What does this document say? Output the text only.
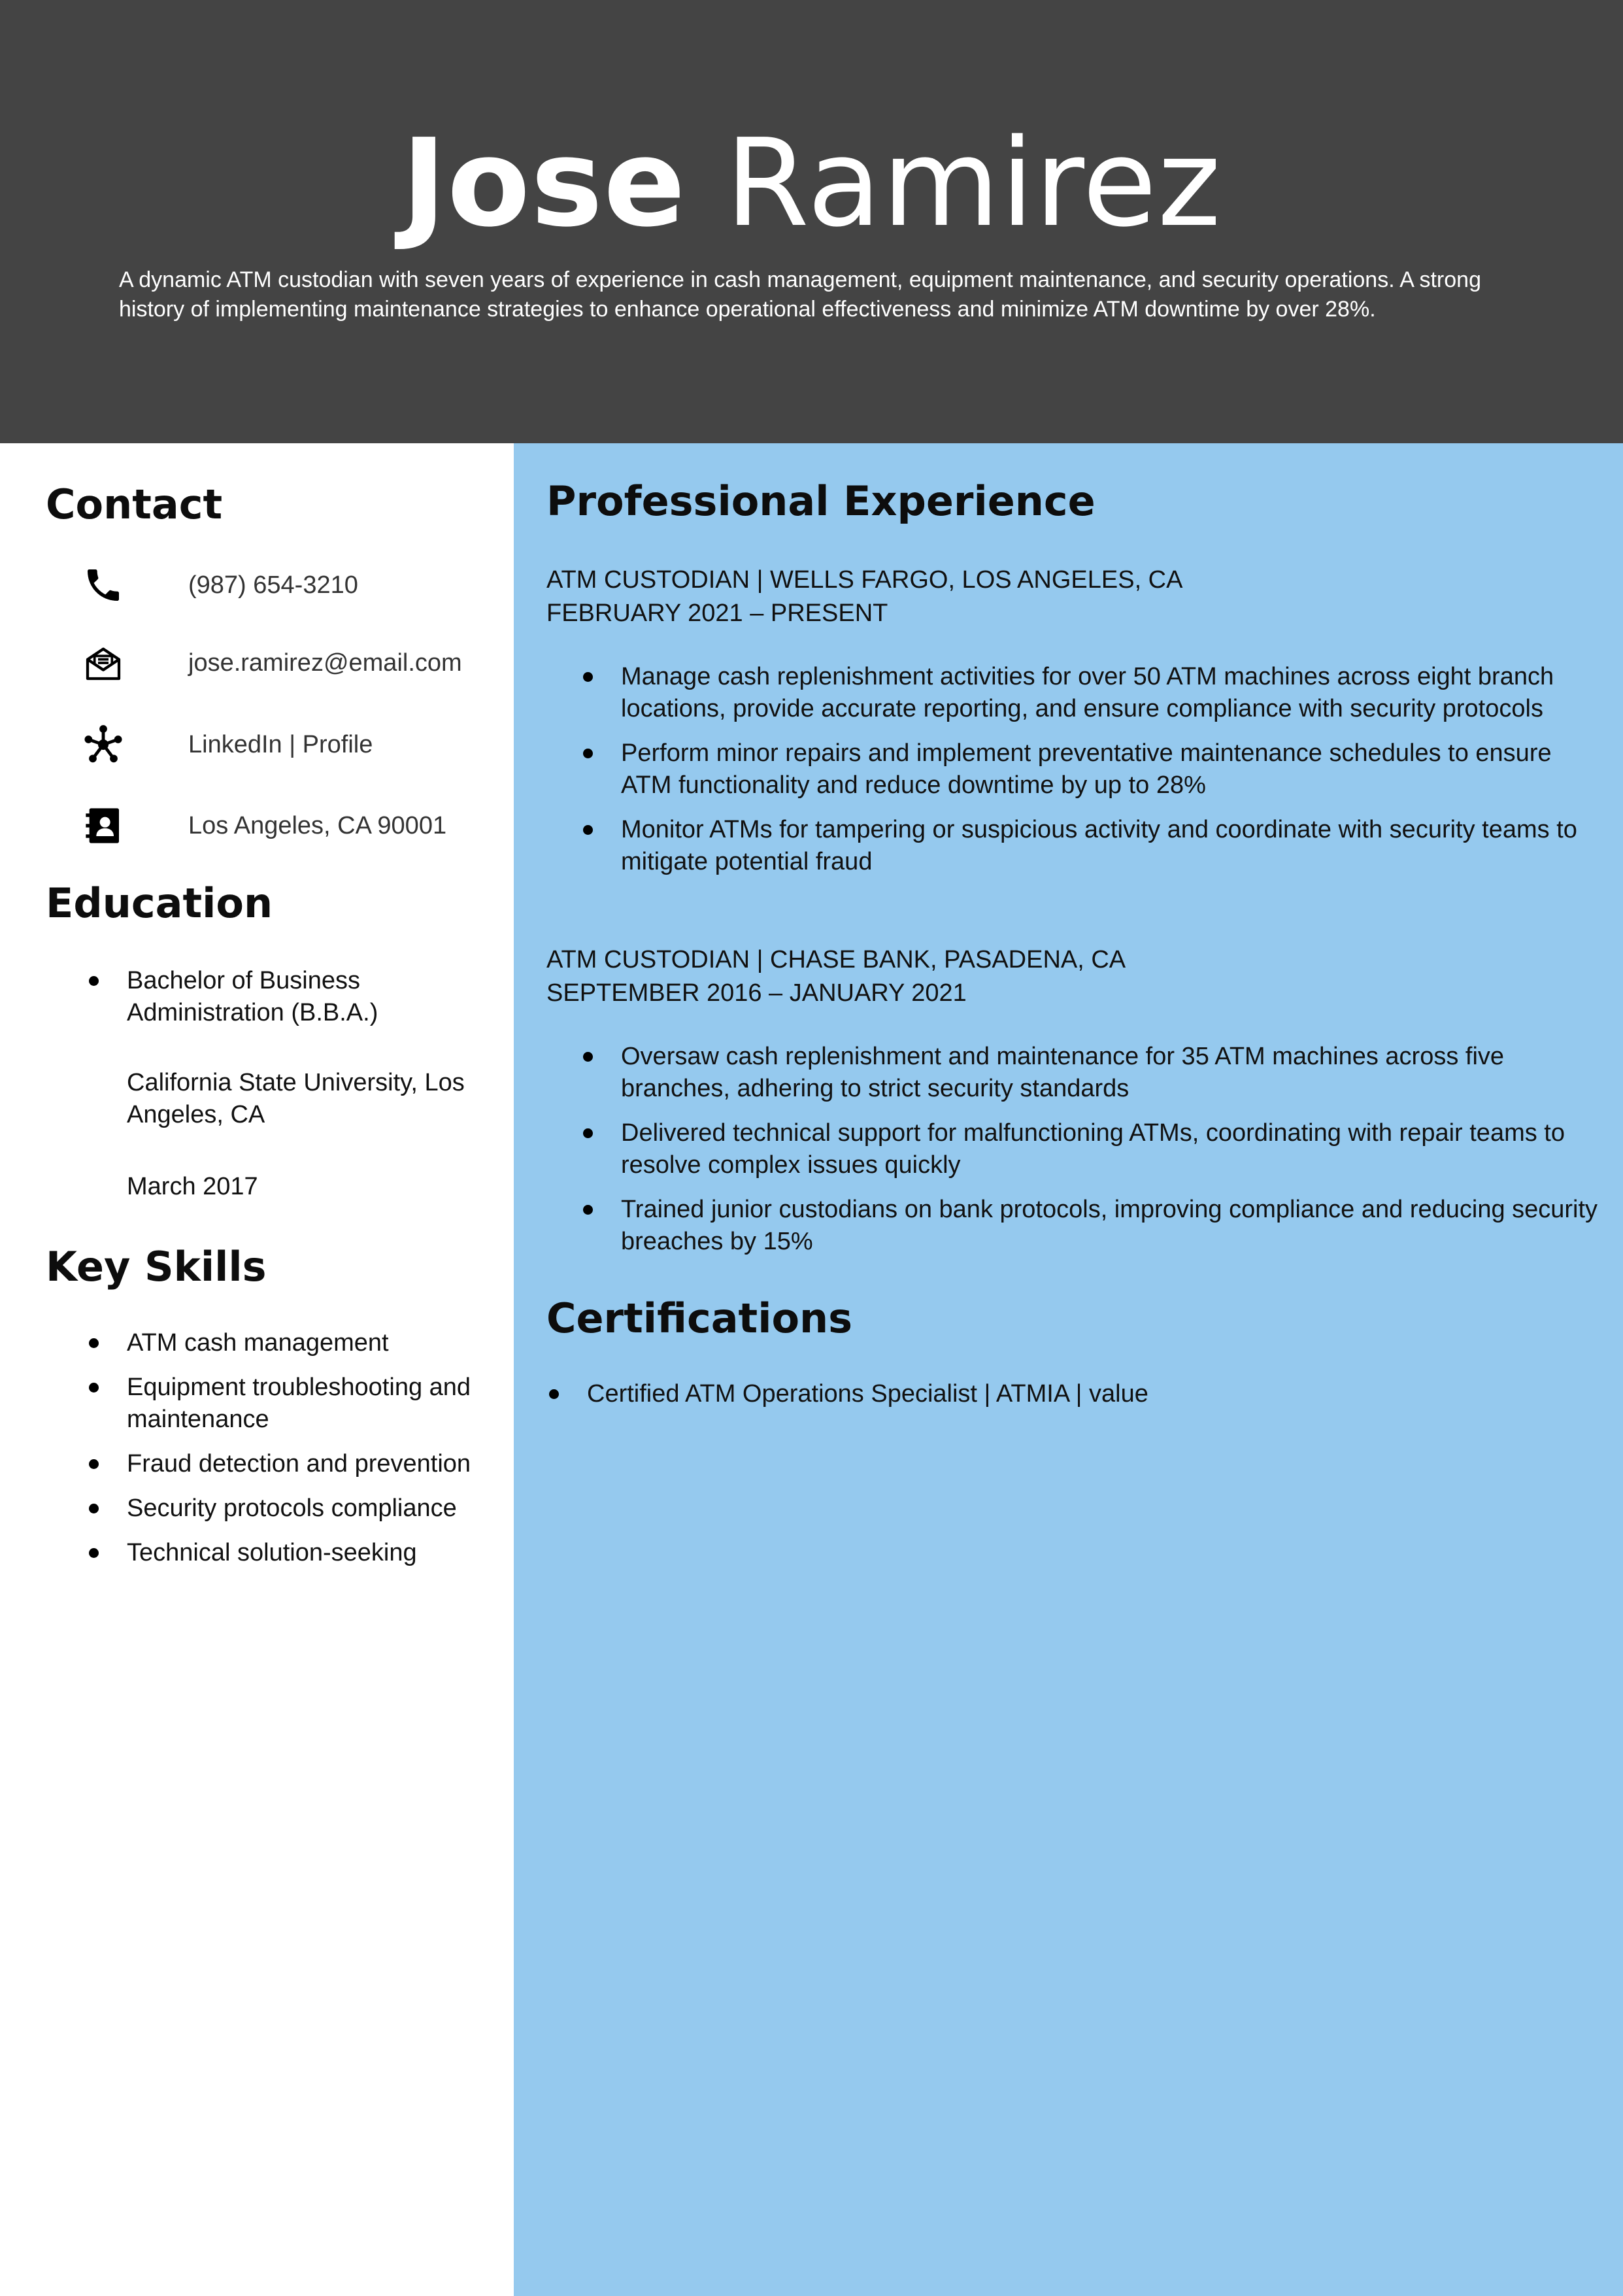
Jose Ramirez
A dynamic ATM custodian with seven years of experience in cash management, equipment maintenance, and security operations. A strong history of implementing maintenance strategies to enhance operational effectiveness and minimize ATM downtime by over 28%.
Contact
(987) 654-3210
jose.ramirez@email.com
LinkedIn | Profile
Los Angeles, CA 90001
Education
Bachelor of Business Administration (B.B.A.)
California State University, Los Angeles, CA
March 2017
Key Skills
ATM cash management
Equipment troubleshooting and maintenance
Fraud detection and prevention
Security protocols compliance
Technical solution-seeking
Professional Experience
ATM CUSTODIAN | WELLS FARGO, LOS ANGELES, CA
FEBRUARY 2021 – PRESENT
Manage cash replenishment activities for over 50 ATM machines across eight branch locations, provide accurate reporting, and ensure compliance with security protocols
Perform minor repairs and implement preventative maintenance schedules to ensure ATM functionality and reduce downtime by up to 28%
Monitor ATMs for tampering or suspicious activity and coordinate with security teams to mitigate potential fraud
ATM CUSTODIAN | CHASE BANK, PASADENA, CA
SEPTEMBER 2016 – JANUARY 2021
Oversaw cash replenishment and maintenance for 35 ATM machines across five branches, adhering to strict security standards
Delivered technical support for malfunctioning ATMs, coordinating with repair teams to resolve complex issues quickly
Trained junior custodians on bank protocols, improving compliance and reducing security breaches by 15%
Certifications
Certified ATM Operations Specialist | ATMIA | value
